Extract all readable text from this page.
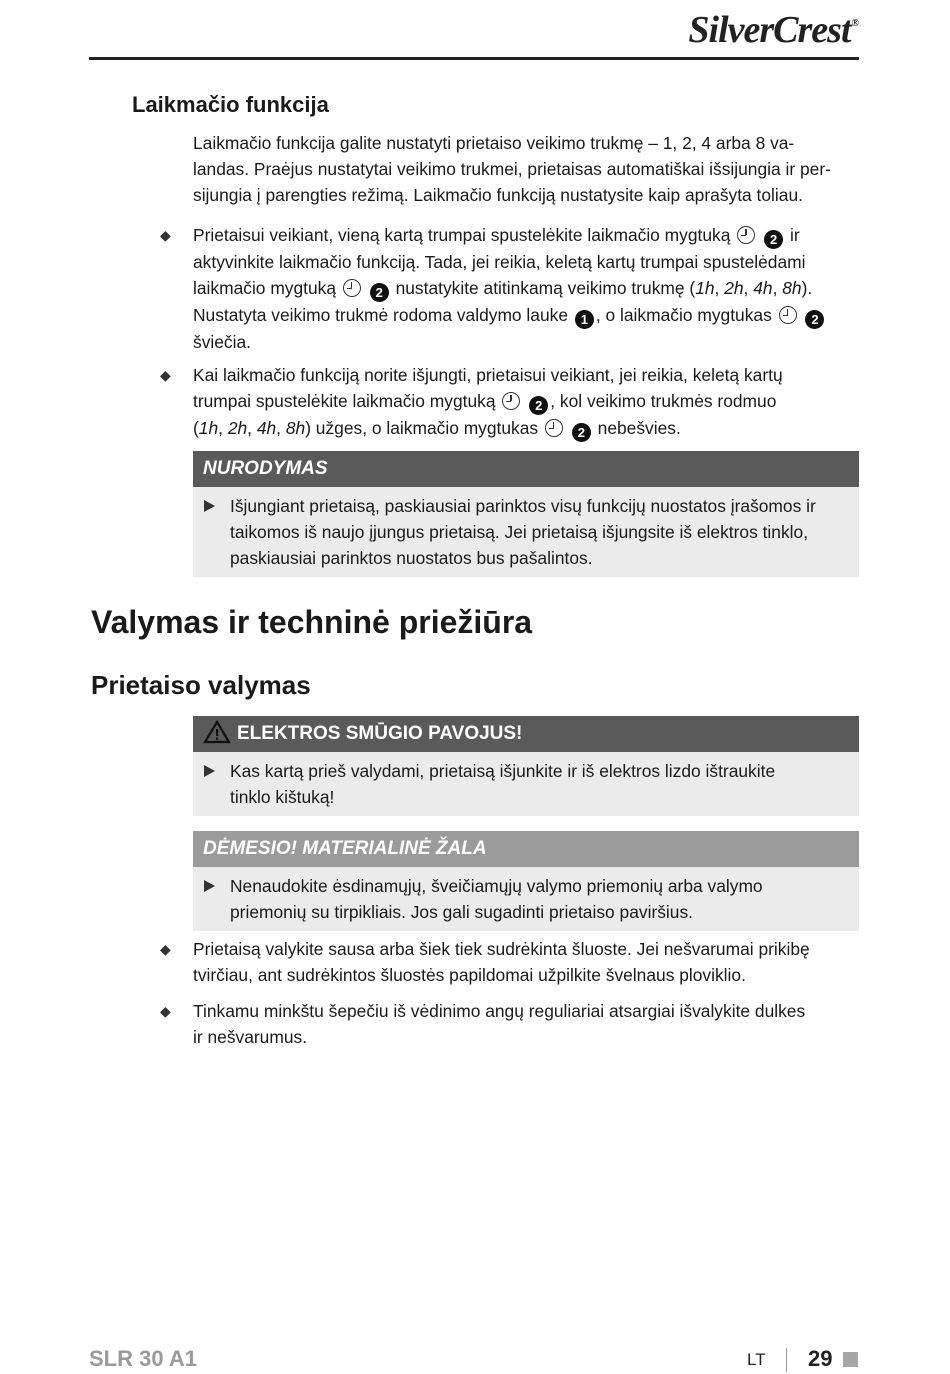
SilverCrest®
Laikmačio funkcija
Laikmačio funkcija galite nustatyti prietaiso veikimo trukmę – 1, 2, 4 arba 8 va-
landas. Praėjus nustatytai veikimo trukmei, prietaisas automatiškai išsijungia ir per-
sijungia į parengties režimą. Laikmačio funkciją nustatysite kaip aprašyta toliau.
◆ Prietaisui veikiant, vieną kartą trumpai spustelėkite laikmačio mygtuką	2 ir
aktyvinkite laikmačio funkciją. Tada, jei reikia, keletą kartų trumpai spustelėdami
laikmačio mygtuką	2 nustatykite atitinkamą veikimo trukmę (1h, 2h, 4h, 8h).
Nustatyta veikimo trukmė rodoma valdymo lauke 1 , o laikmačio mygtukas	2
šviečia.
◆ Kai laikmačio funkciją norite išjungti, prietaisui veikiant, jei reikia, keletą kartų
trumpai spustelėkite laikmačio mygtuką	2 , kol veikimo trukmės rodmuo
(1h, 2h, 4h, 8h) užges, o laikmačio mygtukas	2 nebešvies.
NURODYMAS
Išjungiant prietaisą, paskiausiai parinktos visų funkcijų nuostatos įrašomos ir
taikomos iš naujo įjungus prietaisą. Jei prietaisą išjungsite iš elektros tinklo,
paskiausiai parinktos nuostatos bus pašalintos.
Valymas ir techninė priežiūra
Prietaiso valymas
ELEKTROS SMŪGIO PAVOJUS!
Kas kartą prieš valydami, prietaisą išjunkite ir iš elektros lizdo ištraukite
tinklo kištuką!
DĖMESIO! MATERIALINĖ ŽALA
Nenaudokite ėsdinamųjų, šveičiamųjų valymo priemonių arba valymo
priemonių su tirpikliais. Jos gali sugadinti prietaiso paviršius.
◆ Prietaisą valykite sausa arba šiek tiek sudrėkinta šluoste. Jei nešvarumai prikibę
tvirčiau, ant sudrėkintos šluostės papildomai užpilkite švelnaus ploviklio.
◆ Tinkamu minkštu šepečiu iš vėdinimo angų reguliariai atsargiai išvalykite dulkes
ir nešvarumus.
SLR 30 A1	LT 29
